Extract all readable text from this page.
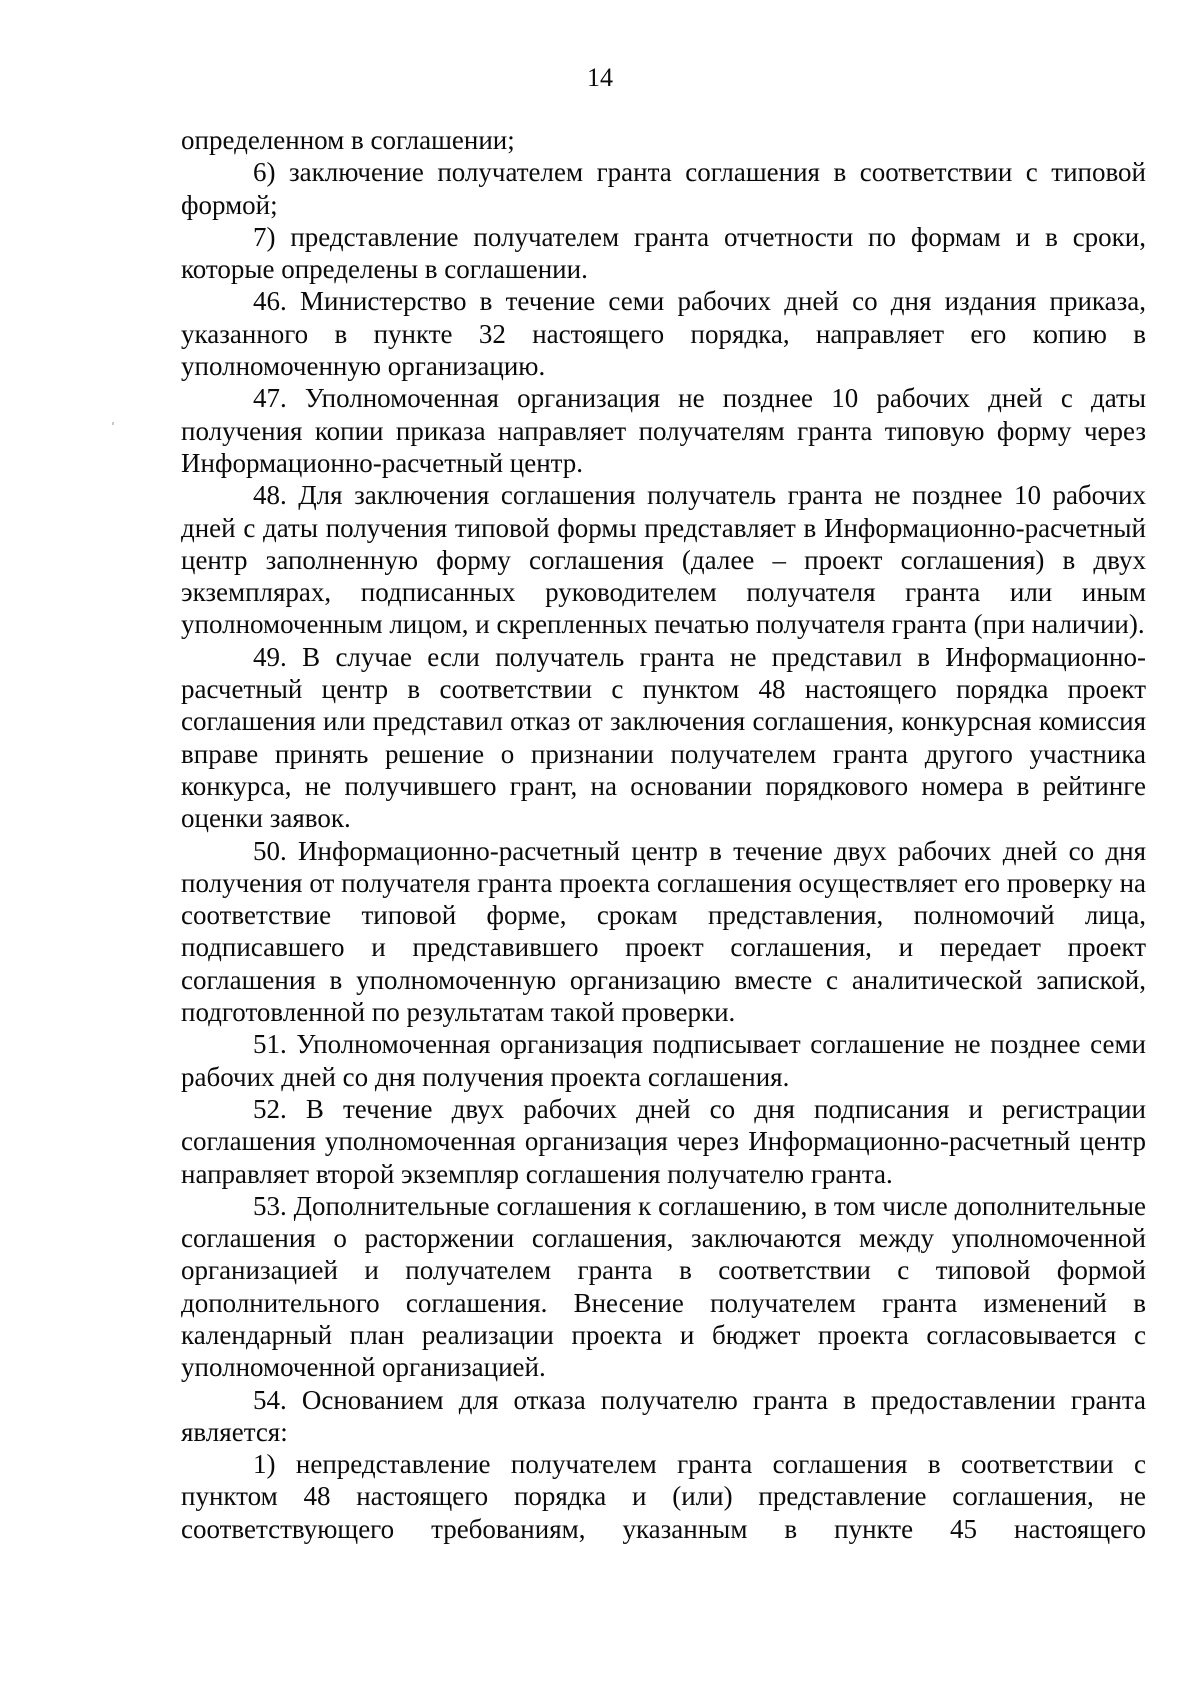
14

определенном в соглашении;

6) заключение получателем гранта соглашения в соответствии с типовой формой;

7) представление получателем гранта отчетности по формам и в сроки, которые определены в соглашении.

46. Министерство в течение семи рабочих дней со дня издания приказа, указанного в пункте 32 настоящего порядка, направляет его копию в уполномоченную организацию.

47. Уполномоченная организация не позднее 10 рабочих дней с даты получения копии приказа направляет получателям гранта типовую форму через Информационно-расчетный центр.

48. Для заключения соглашения получатель гранта не позднее 10 рабочих дней с даты получения типовой формы представляет в Информационно-расчетный центр заполненную форму соглашения (далее – проект соглашения) в двух экземплярах, подписанных руководителем получателя гранта или иным уполномоченным лицом, и скрепленных печатью получателя гранта (при наличии).

49. В случае если получатель гранта не представил в Информационно-расчетный центр в соответствии с пунктом 48 настоящего порядка проект соглашения или представил отказ от заключения соглашения, конкурсная комиссия вправе принять решение о признании получателем гранта другого участника конкурса, не получившего грант, на основании порядкового номера в рейтинге оценки заявок.

50. Информационно-расчетный центр в течение двух рабочих дней со дня получения от получателя гранта проекта соглашения осуществляет его проверку на соответствие типовой форме, срокам представления, полномочий лица, подписавшего и представившего проект соглашения, и передает проект соглашения в уполномоченную организацию вместе с аналитической запиской, подготовленной по результатам такой проверки.

51. Уполномоченная организация подписывает соглашение не позднее семи рабочих дней со дня получения проекта соглашения.

52. В течение двух рабочих дней со дня подписания и регистрации соглашения уполномоченная организация через Информационно-расчетный центр направляет второй экземпляр соглашения получателю гранта.

53. Дополнительные соглашения к соглашению, в том числе дополнительные соглашения о расторжении соглашения, заключаются между уполномоченной организацией и получателем гранта в соответствии с типовой формой дополнительного соглашения. Внесение получателем гранта изменений в календарный план реализации проекта и бюджет проекта согласовывается с уполномоченной организацией.

54. Основанием для отказа получателю гранта в предоставлении гранта является:

1) непредставление получателем гранта соглашения в соответствии с пунктом 48 настоящего порядка и (или) представление соглашения, не соответствующего требованиям, указанным в пункте 45 настоящего
